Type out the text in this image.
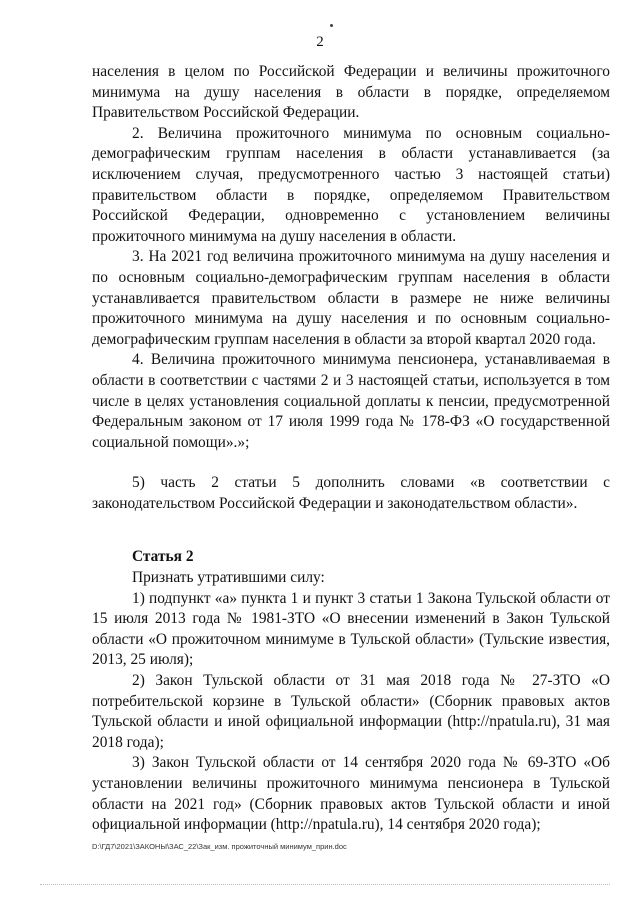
2

населения в целом по Российской Федерации и величины прожиточного минимума на душу населения в области в порядке, определяемом Правительством Российской Федерации.

2. Величина прожиточного минимума по основным социально-демографическим группам населения в области устанавливается (за исключением случая, предусмотренного частью 3 настоящей статьи) правительством области в порядке, определяемом Правительством Российской Федерации, одновременно с установлением величины прожиточного минимума на душу населения в области.

3. На 2021 год величина прожиточного минимума на душу населения и по основным социально-демографическим группам населения в области устанавливается правительством области в размере не ниже величины прожиточного минимума на душу населения и по основным социально-демографическим группам населения в области за второй квартал 2020 года.

4. Величина прожиточного минимума пенсионера, устанавливаемая в области в соответствии с частями 2 и 3 настоящей статьи, используется в том числе в целях установления социальной доплаты к пенсии, предусмотренной Федеральным законом от 17 июля 1999 года № 178-ФЗ «О государственной социальной помощи».»;

5) часть 2 статьи 5 дополнить словами «в соответствии с законодательством Российской Федерации и законодательством области».

Статья 2

Признать утратившими силу:

1) подпункт «а» пункта 1 и пункт 3 статьи 1 Закона Тульской области от 15 июля 2013 года № 1981-ЗТО «О внесении изменений в Закон Тульской области «О прожиточном минимуме в Тульской области» (Тульские известия, 2013, 25 июля);

2) Закон Тульской области от 31 мая 2018 года № 27-ЗТО «О потребительской корзине в Тульской области» (Сборник правовых актов Тульской области и иной официальной информации (http://npatula.ru), 31 мая 2018 года);

3) Закон Тульской области от 14 сентября 2020 года № 69-ЗТО «Об установлении величины прожиточного минимума пенсионера в Тульской области на 2021 год» (Сборник правовых актов Тульской области и иной официальной информации (http://npatula.ru), 14 сентября 2020 года);

D:\ГД7\2021\ЗАКОНЫ\ЗАС_22\Зак_изм. прожиточный минимум_прин.doc
